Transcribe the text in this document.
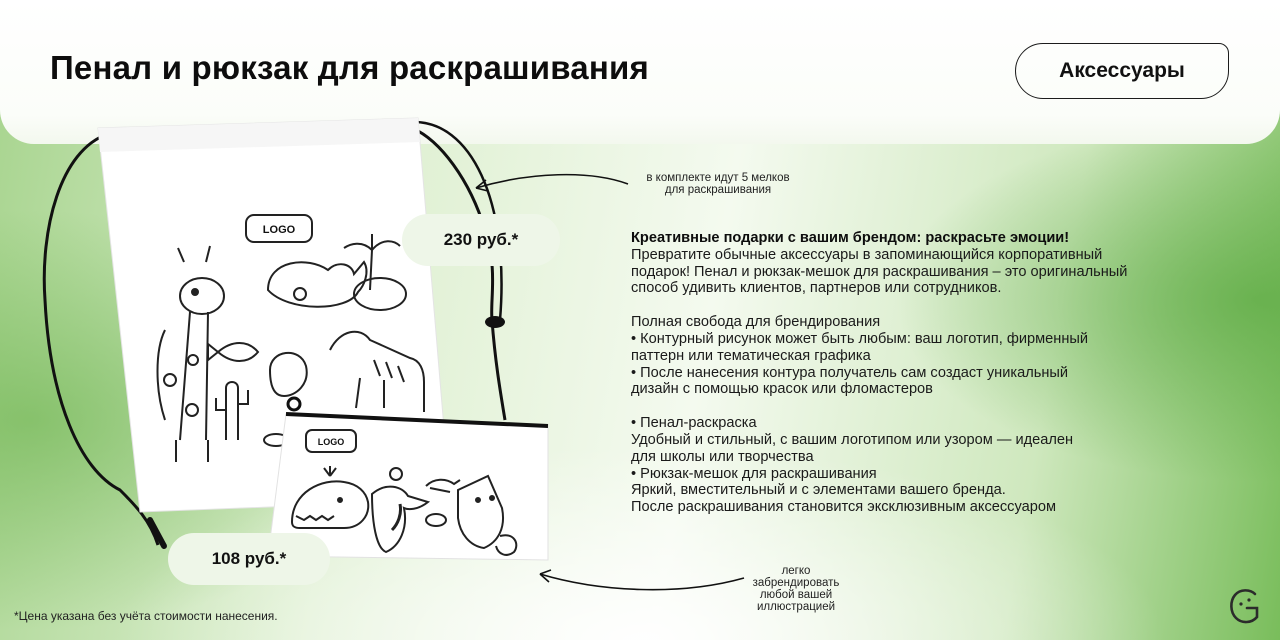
Пенал и рюкзак для раскрашивания	Аксессуары
LOGO
LOGO
230 руб.*
108 руб.*
в комплекте идут 5 мелков
для раскрашивания
легко
забрендировать
любой вашей
иллюстрацией

Креативные подарки с вашим брендом: раскрасьте эмоции!

Превратите обычные аксессуары в запоминающийся корпоративный

подарок! Пенал и рюкзак-мешок для раскрашивания – это оригинальный

способ удивить клиентов, партнеров или сотрудников.

Полная свобода для брендирования

• Контурный рисунок может быть любым: ваш логотип, фирменный

паттерн или тематическая графика

• После нанесения контура получатель сам создаст уникальный

дизайн с помощью красок или фломастеров

• Пенал-раскраска

Удобный и стильный, с вашим логотипом или узором — идеален

для школы или творчества

• Рюкзак-мешок для раскрашивания

Яркий, вместительный и с элементами вашего бренда.

После раскрашивания становится эксклюзивным аксессуаром

*Цена указана без учёта стоимости нанесения.
